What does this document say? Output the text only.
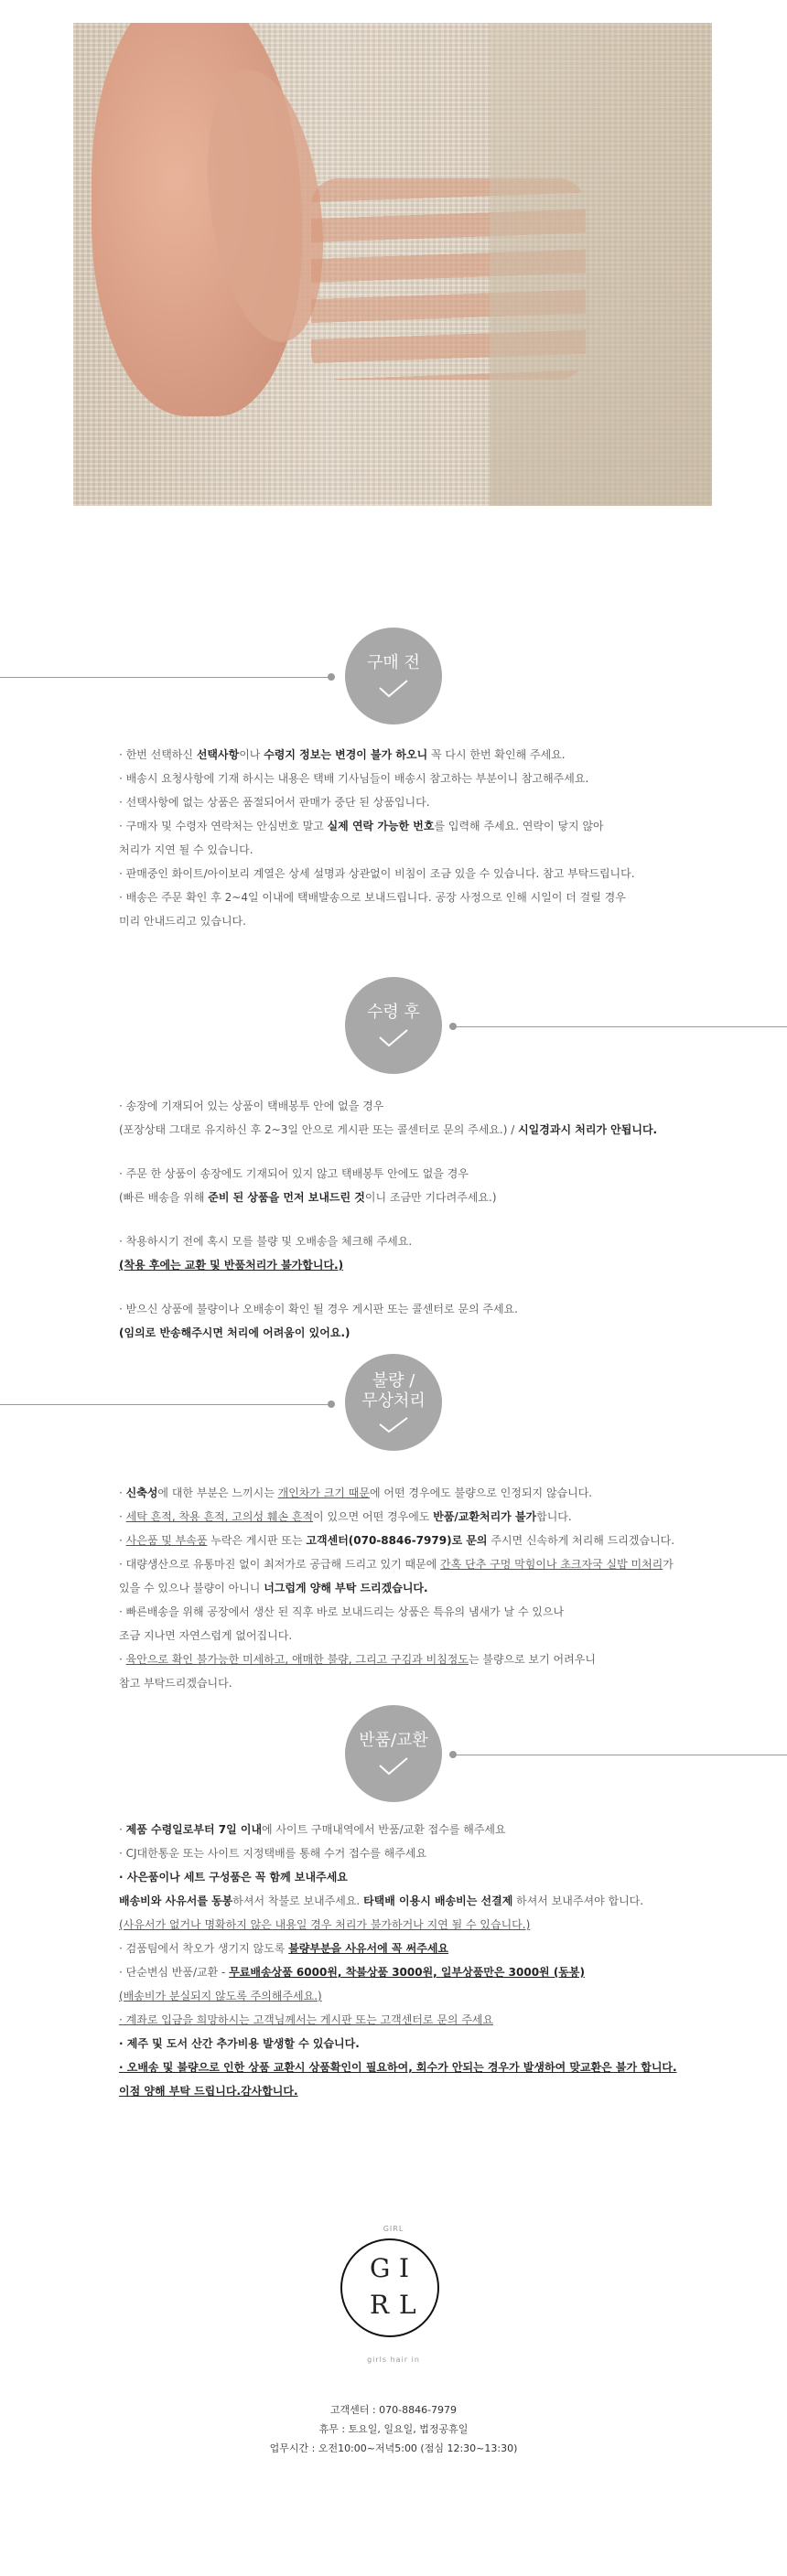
구매 전

· 한번 선택하신 선택사항이나 수령지 정보는 변경이 불가 하오니 꼭 다시 한번 확인해 주세요.

· 배송시 요청사항에 기재 하시는 내용은 택배 기사님들이 배송시 참고하는 부분이니 참고해주세요.

· 선택사항에 없는 상품은 품절되어서 판매가 중단 된 상품입니다.

· 구매자 및 수령자 연락처는 안심번호 말고 실제 연락 가능한 번호를 입력해 주세요. 연락이 닿지 않아

처리가 지연 될 수 있습니다.

· 판매중인 화이트/아이보리 계열은 상세 설명과 상관없이 비침이 조금 있을 수 있습니다. 참고 부탁드립니다.

· 배송은 주문 확인 후 2~4일 이내에 택배발송으로 보내드립니다. 공장 사정으로 인해 시일이 더 걸릴 경우

미리 안내드리고 있습니다.

수령 후

· 송장에 기재되어 있는 상품이 택배봉투 안에 없을 경우

(포장상태 그대로 유지하신 후 2~3일 안으로 게시판 또는 콜센터로 문의 주세요.) / 시일경과시 처리가 안됩니다.

· 주문 한 상품이 송장에도 기재되어 있지 않고 택배봉투 안에도 없을 경우

(빠른 배송을 위해 준비 된 상품을 먼저 보내드린 것이니 조금만 기다려주세요.)

· 착용하시기 전에 혹시 모를 불량 및 오배송을 체크해 주세요.

(착용 후에는 교환 및 반품처리가 불가합니다.)

· 받으신 상품에 불량이나 오배송이 확인 될 경우 게시판 또는 콜센터로 문의 주세요.

(임의로 반송해주시면 처리에 어려움이 있어요.)

불량 /
무상처리

· 신축성에 대한 부분은 느끼시는 개인차가 크기 때문에 어떤 경우에도 불량으로 인정되지 않습니다.

· 세탁 흔적, 착용 흔적, 고의성 훼손 흔적이 있으면 어떤 경우에도 반품/교환처리가 불가합니다.

· 사은품 및 부속품 누락은 게시판 또는 고객센터(070-8846-7979)로 문의 주시면 신속하게 처리해 드리겠습니다.

· 대량생산으로 유통마진 없이 최저가로 공급해 드리고 있기 때문에 간혹 단추 구멍 막힘이나 초크자국 실밥 미처리가

있을 수 있으나 불량이 아니니 너그럽게 양해 부탁 드리겠습니다.

· 빠른배송을 위해 공장에서 생산 된 직후 바로 보내드리는 상품은 특유의 냄새가 날 수 있으나

조금 지나면 자연스럽게 없어집니다.

· 육안으로 확인 불가능한 미세하고, 애매한 불량, 그리고 구김과 비침정도는 불량으로 보기 어려우니

참고 부탁드리겠습니다.

반품/교환

· 제품 수령일로부터 7일 이내에 사이트 구매내역에서 반품/교환 접수를 해주세요

· CJ대한통운 또는 사이트 지정택배를 통해 수거 접수를 해주세요

· 사은품이나 세트 구성품은 꼭 함께 보내주세요

배송비와 사유서를 동봉하셔서 착불로 보내주세요. 타택배 이용시 배송비는 선결제 하셔서 보내주셔야 합니다.

(사유서가 없거나 명확하지 않은 내용일 경우 처리가 불가하거나 지연 될 수 있습니다.)

· 검품팀에서 착오가 생기지 않도록 불량부분을 사유서에 꼭 써주세요

· 단순변심 반품/교환 - 무료배송상품 6000원, 착불상품 3000원, 일부상품만은 3000원 (동봉)

(배송비가 분실되지 않도록 주의해주세요.)

· 계좌로 입금을 희망하시는 고객님께서는 게시판 또는 고객센터로 문의 주세요

· 제주 및 도서 산간 추가비용 발생할 수 있습니다.

· 오배송 및 불량으로 인한 상품 교환시 상품확인이 필요하여, 회수가 안되는 경우가 발생하여 맞교환은 불가 합니다.

이점 양해 부탁 드립니다.감사합니다.

GIRL
G I
R L
girls hair in
고객센터 : 070-8846-7979
휴무 : 토요일, 일요일, 법정공휴일
업무시간 : 오전10:00~저녁5:00 (점심 12:30~13:30)
